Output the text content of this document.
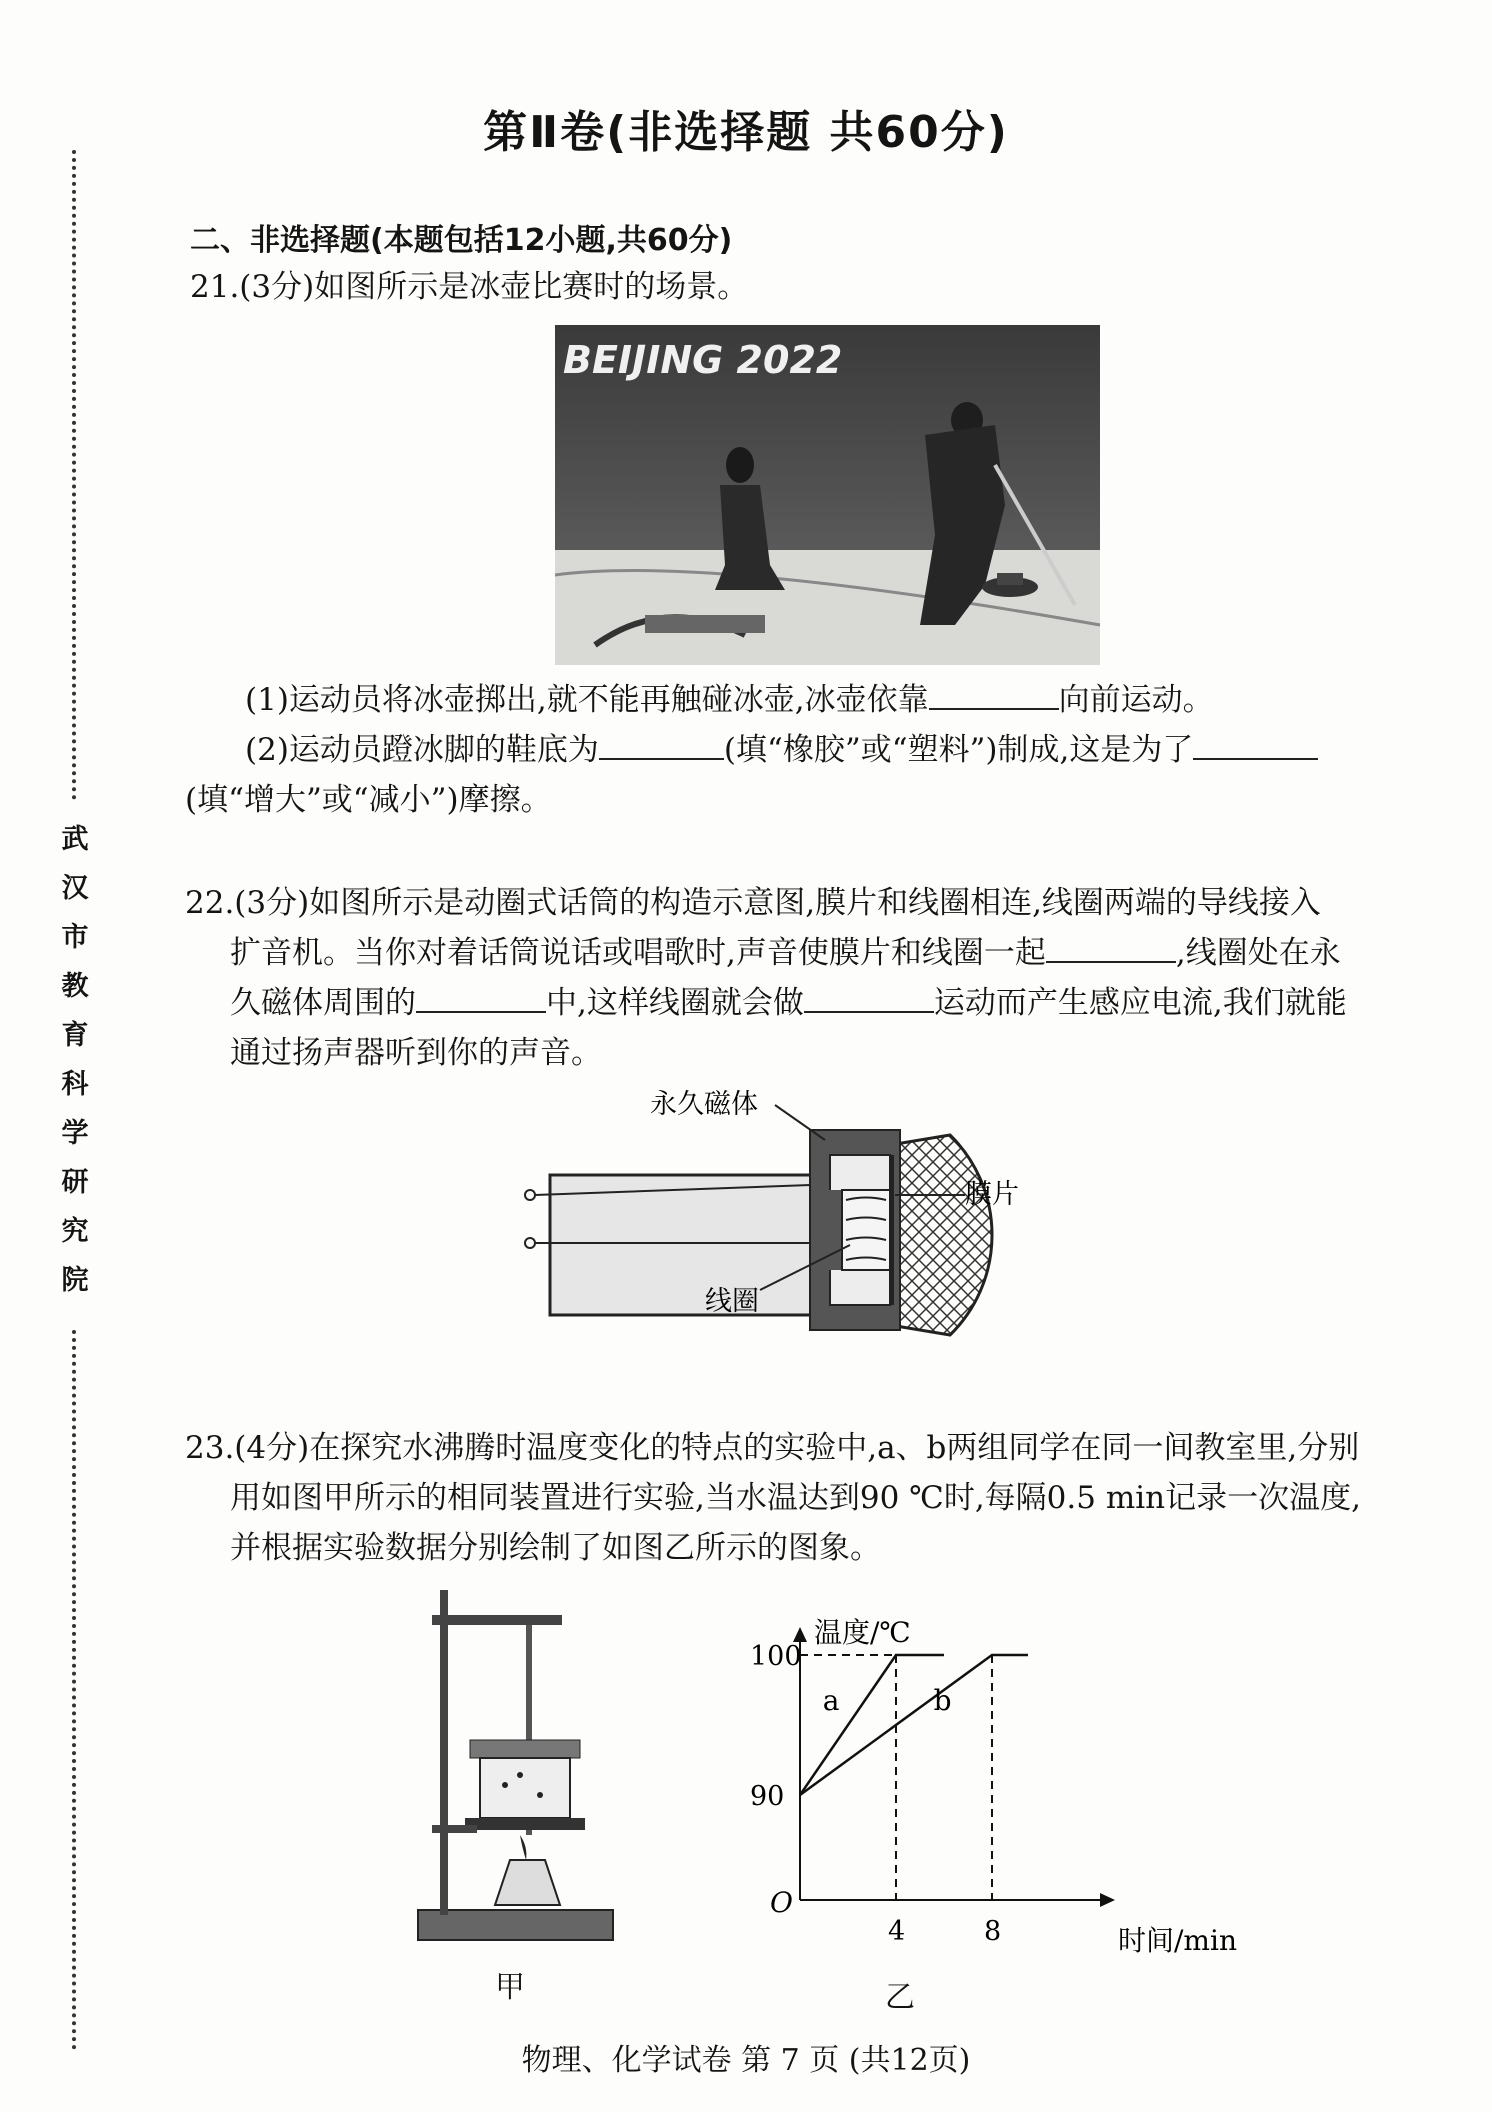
武
汉
市
教
育
科
学
研
究
院
第Ⅱ卷(非选择题 共60分)
二、非选择题(本题包括12小题,共60分)
21.(3分)如图所示是冰壶比赛时的场景。
BEIJING 2022
(1)运动员将冰壶掷出,就不能再触碰冰壶,冰壶依靠	向前运动。
(2)运动员蹬冰脚的鞋底为	(填“橡胶”或“塑料”)制成,这是为了
(填“增大”或“减小”)摩擦。
22.(3分)如图所示是动圈式话筒的构造示意图,膜片和线圈相连,线圈两端的导线接入
扩音机。当你对着话筒说话或唱歌时,声音使膜片和线圈一起	,线圈处在永
久磁体周围的	中,这样线圈就会做	运动而产生感应电流,我们就能
通过扬声器听到你的声音。
永久磁体
膜片
线圈
23.(4分)在探究水沸腾时温度变化的特点的实验中,a、b两组同学在同一间教室里,分别
用如图甲所示的相同装置进行实验,当水温达到90 ℃时,每隔0.5 min记录一次温度,
并根据实验数据分别绘制了如图乙所示的图象。
甲
温度/℃
时间/min
O
90
100
4	8
a	b
乙
物理、化学试卷 第 7 页 (共12页)
